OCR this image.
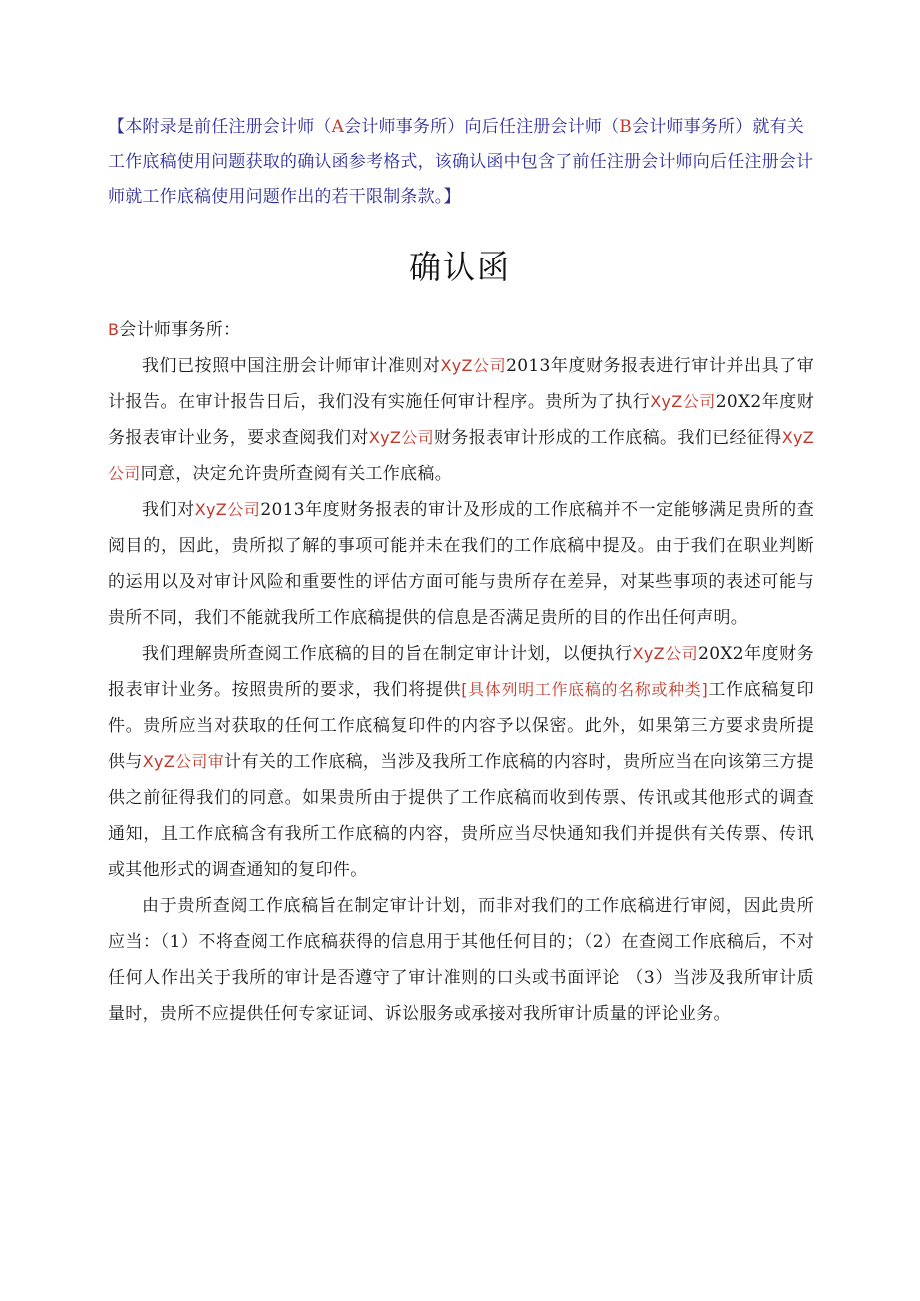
【本附录是前任注册会计师（A会计师事务所）向后任注册会计师（B会计师事务所）就有关工作底稿使用问题获取的确认函参考格式，该确认函中包含了前任注册会计师向后任注册会计师就工作底稿使用问题作出的若干限制条款。】
确认函

B会计师事务所：

我们已按照中国注册会计师审计准则对XyZ公司2013年度财务报表进行审计并出具了审计报告。在审计报告日后，我们没有实施任何审计程序。贵所为了执行XyZ公司20X2年度财务报表审计业务，要求查阅我们对XyZ公司财务报表审计形成的工作底稿。我们已经征得XyZ公司同意，决定允许贵所查阅有关工作底稿。

我们对XyZ公司2013年度财务报表的审计及形成的工作底稿并不一定能够满足贵所的查阅目的，因此，贵所拟了解的事项可能并未在我们的工作底稿中提及。由于我们在职业判断的运用以及对审计风险和重要性的评估方面可能与贵所存在差异，对某些事项的表述可能与贵所不同，我们不能就我所工作底稿提供的信息是否满足贵所的目的作出任何声明。

我们理解贵所查阅工作底稿的目的旨在制定审计计划，以便执行XyZ公司20X2年度财务报表审计业务。按照贵所的要求，我们将提供[具体列明工作底稿的名称或种类]工作底稿复印件。贵所应当对获取的任何工作底稿复印件的内容予以保密。此外，如果第三方要求贵所提供与XyZ公司审计有关的工作底稿，当涉及我所工作底稿的内容时，贵所应当在向该第三方提供之前征得我们的同意。如果贵所由于提供了工作底稿而收到传票、传讯或其他形式的调查通知，且工作底稿含有我所工作底稿的内容，贵所应当尽快通知我们并提供有关传票、传讯或其他形式的调查通知的复印件。

由于贵所查阅工作底稿旨在制定审计计划，而非对我们的工作底稿进行审阅，因此贵所应当：（1）不将查阅工作底稿获得的信息用于其他任何目的；（2）在查阅工作底稿后，不对任何人作出关于我所的审计是否遵守了审计准则的口头或书面评论 （3）当涉及我所审计质量时，贵所不应提供任何专家证词、诉讼服务或承接对我所审计质量的评论业务。
